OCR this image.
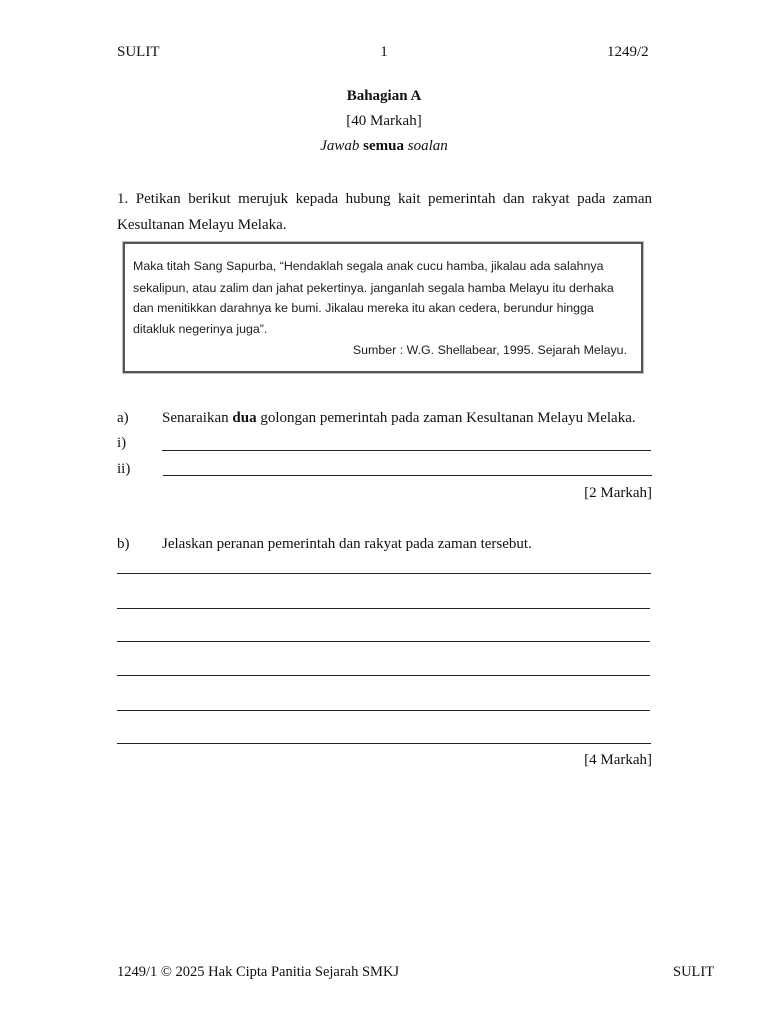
SULIT	1	1249/2
Bahagian A
[40 Markah]
Jawab semua soalan
1. Petikan berikut merujuk kepada hubung kait pemerintah dan rakyat pada zaman Kesultanan Melayu Melaka.
Maka titah Sang Sapurba, “Hendaklah segala anak cucu hamba, jikalau ada salahnya
sekalipun, atau zalim dan jahat pekertinya. janganlah segala hamba Melayu itu derhaka
dan menitikkan darahnya ke bumi. Jikalau mereka itu akan cedera, berundur hingga
ditakluk negerinya juga”.
Sumber : W.G. Shellabear, 1995. Sejarah Melayu.
a) Senaraikan dua golongan pemerintah pada zaman Kesultanan Melayu Melaka.
i)
ii)
[2 Markah]
b) Jelaskan peranan pemerintah dan rakyat pada zaman tersebut.
[4 Markah]
1249/1 © 2025 Hak Cipta Panitia Sejarah SMKJ	SULIT
